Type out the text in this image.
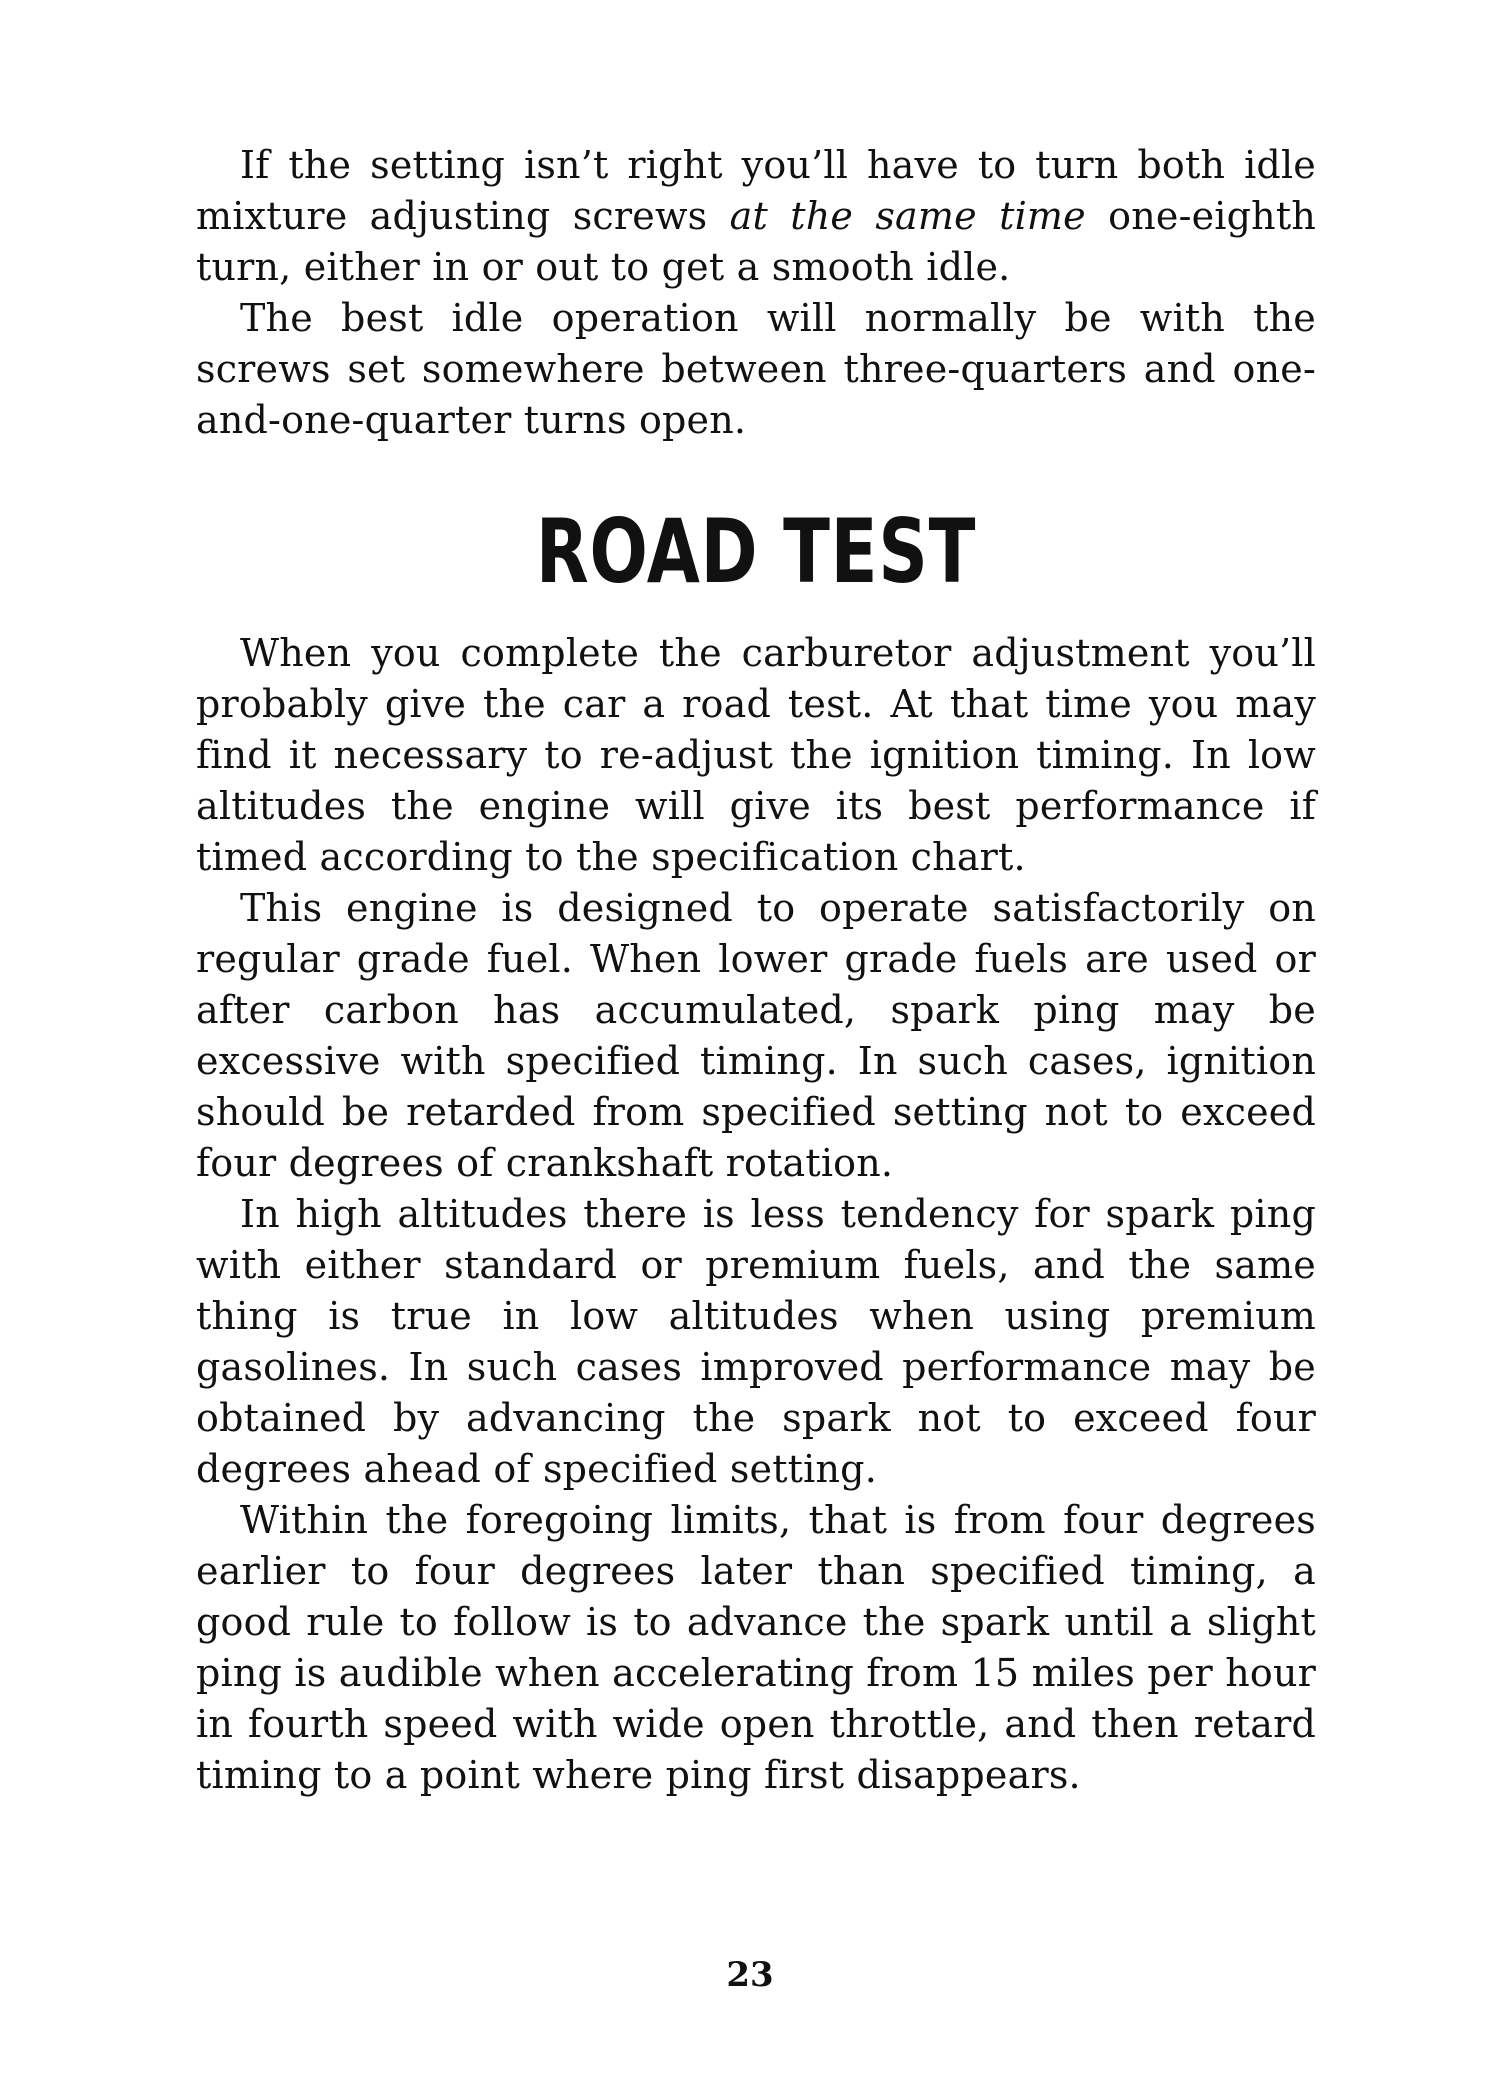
If the setting isn’t right you’ll have to turn both idle mixture adjusting screws at the same time one-eighth turn, either in or out to get a smooth idle.

The best idle operation will normally be with the screws set somewhere between three-quarters and one-and-one-quarter turns open.

ROAD TEST

When you complete the carburetor adjustment you’ll probably give the car a road test. At that time you may find it necessary to re-adjust the ignition timing. In low altitudes the engine will give its best performance if timed according to the specification chart.

This engine is designed to operate satisfactorily on regular grade fuel. When lower grade fuels are used or after carbon has accumulated, spark ping may be excessive with specified timing. In such cases, ignition should be retarded from specified setting not to exceed four degrees of crankshaft rotation.

In high altitudes there is less tendency for spark ping with either standard or premium fuels, and the same thing is true in low altitudes when using premium gasolines. In such cases improved performance may be obtained by advancing the spark not to exceed four degrees ahead of specified setting.

Within the foregoing limits, that is from four degrees earlier to four degrees later than specified timing, a good rule to follow is to advance the spark until a slight ping is audible when accelerating from 15 miles per hour in fourth speed with wide open throttle, and then retard timing to a point where ping first disappears.

23
